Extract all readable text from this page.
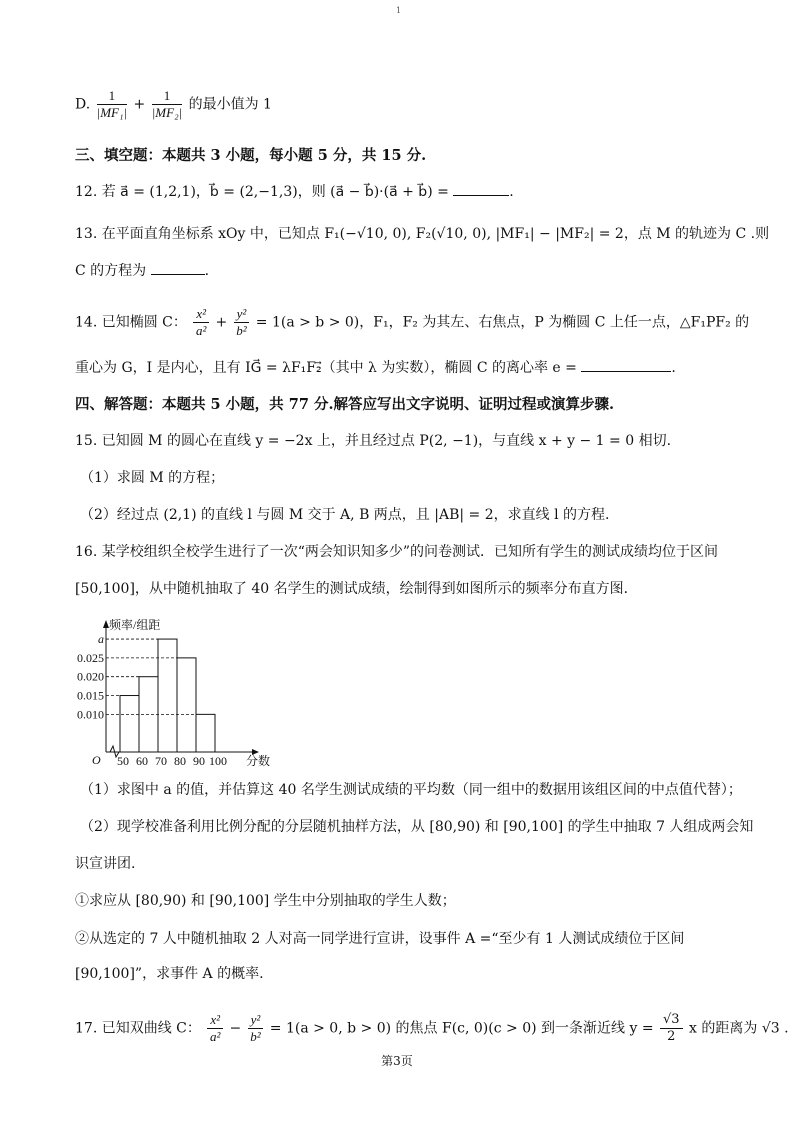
1
D. $\frac{1}{\text{|MF₁|}} + \frac{1}{\text{|MF₂|}}$ 的最小值为 1
三、填空题：本题共 3 小题，每小题 5 分，共 15 分.
12. 若 a⃗ = (1,2,1)，b⃗ = (2,−1,3)，则 (a⃗ − b⃗)·(a⃗ + b⃗) =	.
13. 在平面直角坐标系 xOy 中，已知点 F₁(−√10, 0), F₂(√10, 0), |MF₁| − |MF₂| = 2，点 M 的轨迹为 C .则
C 的方程为	.
14. 已知椭圆 C： $\frac{\text{x²}}{\text{a²}} + \frac{\text{y²}}{\text{b²}} = 1(a > b > 0)$，F₁，F₂ 为其左、右焦点，P 为椭圆 C 上任一点，△F₁PF₂ 的
重心为 G，I 是内心，且有 IG⃗ = λF₁F₂⃗（其中 λ 为实数），椭圆 C 的离心率 e =	.
四、解答题：本题共 5 小题，共 77 分.解答应写出文字说明、证明过程或演算步骤.
15. 已知圆 M 的圆心在直线 y = −2x 上，并且经过点 P(2, −1)，与直线 x + y − 1 = 0 相切.
（1）求圆 M 的方程；
（2）经过点 (2,1) 的直线 l 与圆 M 交于 A, B 两点，且 |AB| = 2，求直线 l 的方程.
16. 某学校组织全校学生进行了一次“两会知识知多少”的问卷测试．已知所有学生的测试成绩均位于区间
[50,100]，从中随机抽取了 40 名学生的测试成绩，绘制得到如图所示的频率分布直方图．
0.010
0.015
0.020
0.025
a
频率/组距
O 50 60 70 80 90 100 分数
（1）求图中 a 的值，并估算这 40 名学生测试成绩的平均数（同一组中的数据用该组区间的中点值代替）；
（2）现学校准备利用比例分配的分层随机抽样方法，从 [80,90) 和 [90,100] 的学生中抽取 7 人组成两会知
识宣讲团.
①求应从 [80,90) 和 [90,100] 学生中分别抽取的学生人数；
②从选定的 7 人中随机抽取 2 人对高一同学进行宣讲，设事件 A =“至少有 1 人测试成绩位于区间
[90,100]”，求事件 A 的概率.
17. 已知双曲线 C： $\frac{\text{x²}}{\text{a²}} - \frac{\text{y²}}{\text{b²}} = 1(a > 0$, b > 0) 的焦点 F(c, 0)(c > 0) 到一条渐近线 $y = \frac{√3}{2}$ x 的距离为 √3 .
第3页
